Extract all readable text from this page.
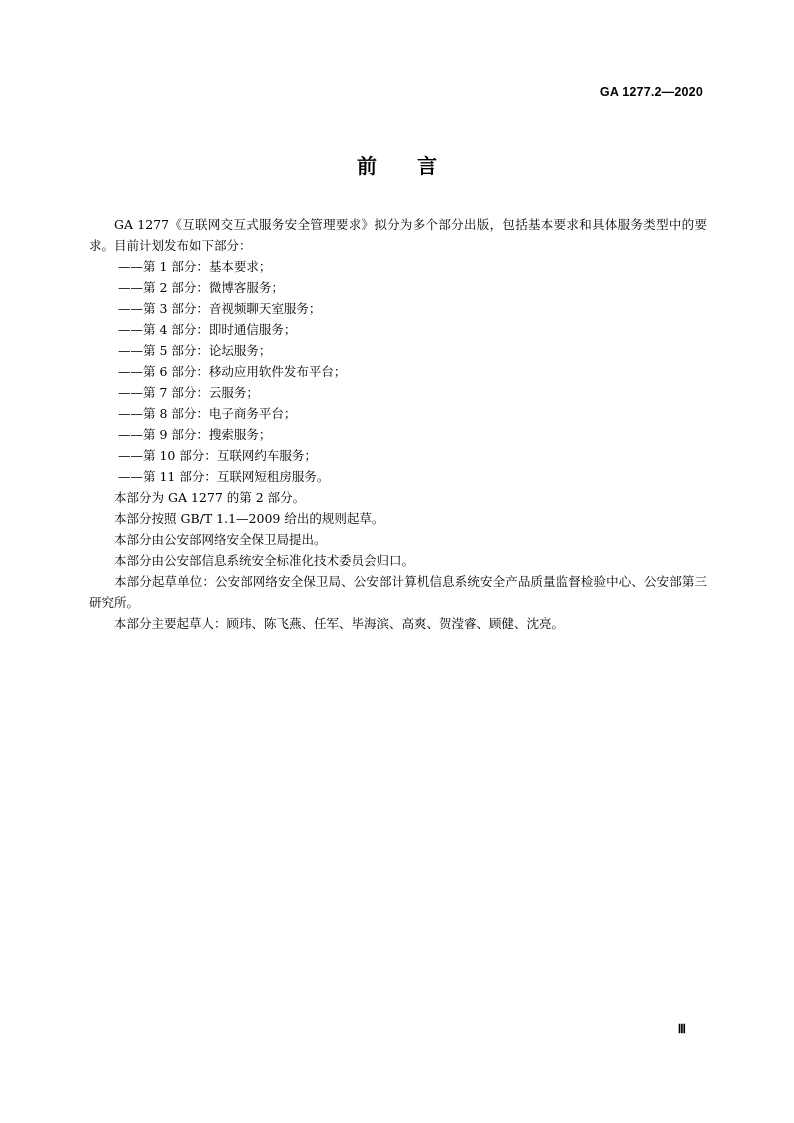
GA 1277.2—2020
前言

GA 1277《互联网交互式服务安全管理要求》拟分为多个部分出版，包括基本要求和具体服务类型中的要求。目前计划发布如下部分：

——第 1 部分：基本要求；
——第 2 部分：微博客服务；
——第 3 部分：音视频聊天室服务；
——第 4 部分：即时通信服务；
——第 5 部分：论坛服务；
——第 6 部分：移动应用软件发布平台；
——第 7 部分：云服务；
——第 8 部分：电子商务平台；
——第 9 部分：搜索服务；
——第 10 部分：互联网约车服务；
——第 11 部分：互联网短租房服务。

本部分为 GA 1277 的第 2 部分。

本部分按照 GB/T 1.1—2009 给出的规则起草。

本部分由公安部网络安全保卫局提出。

本部分由公安部信息系统安全标准化技术委员会归口。

本部分起草单位：公安部网络安全保卫局、公安部计算机信息系统安全产品质量监督检验中心、公安部第三研究所。

本部分主要起草人：顾玮、陈飞燕、任军、毕海滨、高爽、贺滢睿、顾健、沈亮。

Ⅲ
